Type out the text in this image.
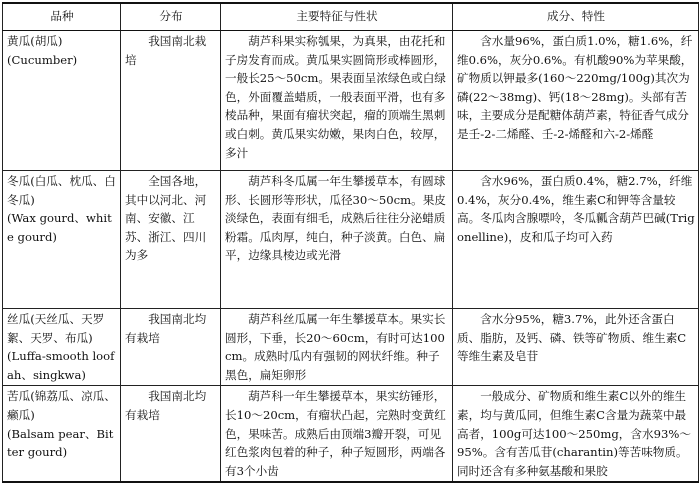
品种	分布	主要特征与性状	成分、特性

黄瓜(胡瓜)
(Cucumber)	我国南北栽培	葫芦科果实称瓠果，为真果，由花托和子房发育而成。黄瓜果实圆筒形或棒圆形，一般长25～50cm。果表面呈浓绿色或白绿色，外面覆盖蜡质，一般表面平滑，也有多棱品种，果面有瘤状突起，瘤的顶端生黑刺或白刺。黄瓜果实幼嫩，果肉白色，较厚，多汁	含水量96%，蛋白质1.0%，糖1.6%，纤维0.6%，灰分0.6%。有机酸90%为苹果酸，矿物质以钾最多(160～220mg/100g)其次为磷(22～38mg)、钙(18～28mg)。头部有苦味，主要成分是配糖体葫芦素，特征香气成分是壬-2-二烯醛、壬-2-烯醛和六-2-烯醛

冬瓜(白瓜、枕瓜、白冬瓜)
(Wax gourd、white gourd)	全国各地，其中以河北、河南、安徽、江苏、浙江、四川为多	葫芦科冬瓜属一年生攀援草本，有圆球形、长圆形等形状，瓜径30～50cm。果皮淡绿色，表面有细毛，成熟后往往分泌蜡质粉霜。瓜肉厚，纯白，种子淡黄。白色、扁平，边缘具棱边或光滑	含水96%，蛋白质0.4%，糖2.7%，纤维0.4%，灰分0.4%，维生素C和钾等含量较高。冬瓜肉含腺嘌呤，冬瓜瓤含葫芦巴碱(Trigonelline)，皮和瓜子均可入药

丝瓜(天丝瓜、天罗絮、天罗、布瓜)
(Luffa-smooth loofah、singkwa)	我国南北均有栽培	葫芦科丝瓜属一年生攀援草本。果实长圆形，下垂，长20～60cm，有时可达100cm。成熟时瓜内有强韧的网状纤维。种子黑色，扁矩卵形	含水分95%，糖3.7%，此外还含蛋白质、脂肪，及钙、磷、铁等矿物质、维生素C等维生素及皂苷

苦瓜(锦荔瓜、凉瓜、癞瓜)
(Balsam pear、Bitter gourd)	我国南北均有栽培	葫芦科一年生攀援草本，果实纺锤形，长10～20cm，有瘤状凸起，完熟时变黄红色，果味苦。成熟后由顶端3瓣开裂，可见红色浆肉包着的种子，种子短圆形，两端各有3个小齿	一般成分、矿物质和维生素C以外的维生素，均与黄瓜同，但维生素C含量为蔬菜中最高者，100g可达100～250mg，含水93%～95%。含有苦瓜苷(charantin)等苦味物质。同时还含有多种氨基酸和果胶
